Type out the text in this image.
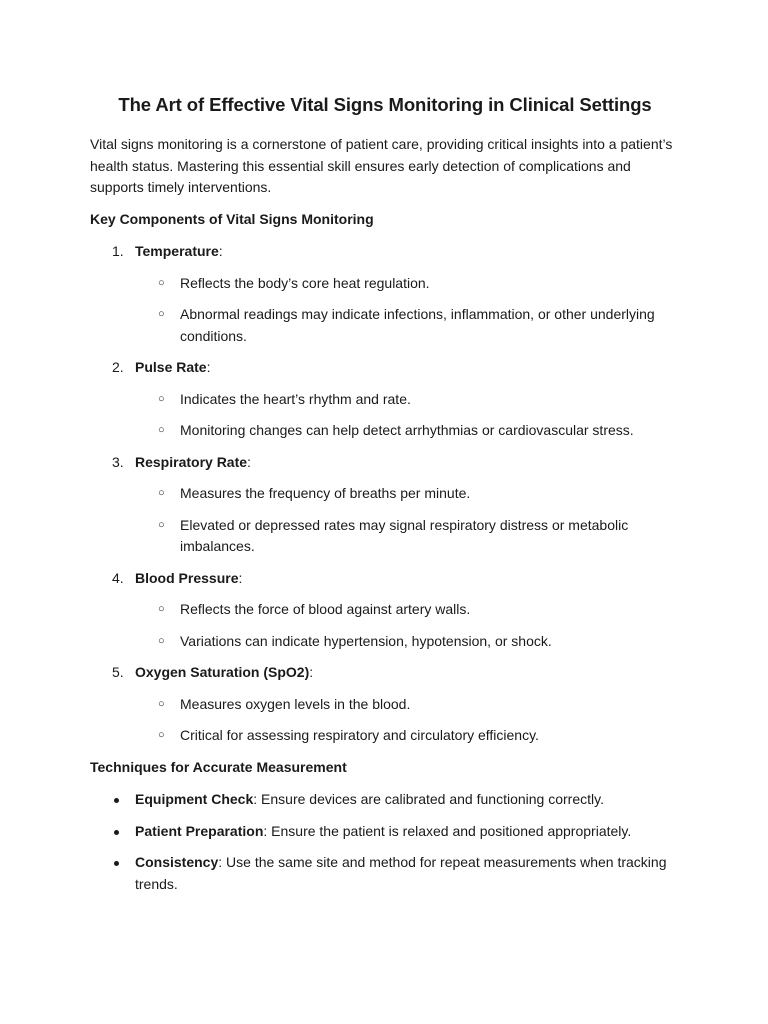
The Art of Effective Vital Signs Monitoring in Clinical Settings

Vital signs monitoring is a cornerstone of patient care, providing critical insights into a patient’s health status. Mastering this essential skill ensures early detection of complications and supports timely interventions.

Key Components of Vital Signs Monitoring
1. Temperature:
○ Reflects the body’s core heat regulation.
○ Abnormal readings may indicate infections, inflammation, or other underlying conditions.
2. Pulse Rate:
○ Indicates the heart’s rhythm and rate.
○ Monitoring changes can help detect arrhythmias or cardiovascular stress.
3. Respiratory Rate:
○ Measures the frequency of breaths per minute.
○ Elevated or depressed rates may signal respiratory distress or metabolic imbalances.
4. Blood Pressure:
○ Reflects the force of blood against artery walls.
○ Variations can indicate hypertension, hypotension, or shock.
5. Oxygen Saturation (SpO2):
○ Measures oxygen levels in the blood.
○ Critical for assessing respiratory and circulatory efficiency.
Techniques for Accurate Measurement
Equipment Check: Ensure devices are calibrated and functioning correctly.
Patient Preparation: Ensure the patient is relaxed and positioned appropriately.
Consistency: Use the same site and method for repeat measurements when tracking trends.
